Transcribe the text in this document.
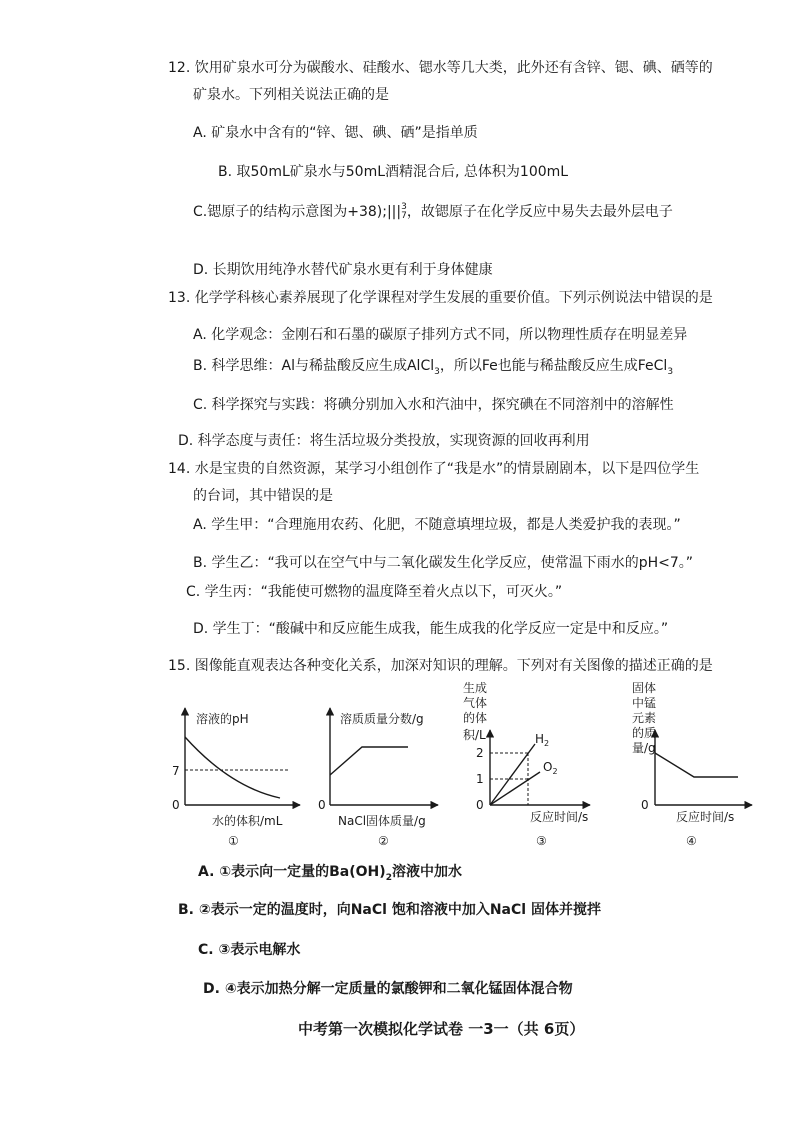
12. 饮用矿泉水可分为碳酸水、硅酸水、锶水等几大类，此外还有含锌、锶、碘、硒等的
矿泉水。下列相关说法正确的是
A. 矿泉水中含有的“锌、锶、碘、硒”是指单质
B. 取50mL矿泉水与50mL酒精混合后, 总体积为100mL
C.锶原子的结构示意图为+38);|||3
7，故锶原子在化学反应中易失去最外层电子
D. 长期饮用纯净水替代矿泉水更有利于身体健康
13. 化学学科核心素养展现了化学课程对学生发展的重要价值。下列示例说法中错误的是
A. 化学观念：金刚石和石墨的碳原子排列方式不同，所以物理性质存在明显差异
B. 科学思维：Al与稀盐酸反应生成AlCl$_3$，所以Fe也能与稀盐酸反应生成FeCl$_3$
C. 科学探究与实践：将碘分别加入水和汽油中，探究碘在不同溶剂中的溶解性
D. 科学态度与责任：将生活垃圾分类投放，实现资源的回收再利用
14. 水是宝贵的自然资源，某学习小组创作了“我是水”的情景剧剧本，以下是四位学生
的台词，其中错误的是
A. 学生甲：“合理施用农药、化肥，不随意填埋垃圾，都是人类爱护我的表现。”
B. 学生乙：“我可以在空气中与二氧化碳发生化学反应，使常温下雨水的pH<7。”
C. 学生丙：“我能使可燃物的温度降至着火点以下，可灭火。”
D. 学生丁：“酸碱中和反应能生成我，能生成我的化学反应一定是中和反应。”
15. 图像能直观表达各种变化关系，加深对知识的理解。下列对有关图像的描述正确的是
溶液的pH
7
0
水的体积/mL
①
溶质质量分数/g
0
NaCl固体质量/g
②
生成
气体
的体
积/L
2
1
$H_2$
$O_2$
0
反应时间/s
③
固体
中锰
元素
的质
量/g
0
反应时间/s
④
A. ①表示向一定量的$Ba(OH)_2$溶液中加水
B. ②表示一定的温度时，向NaCl 饱和溶液中加入NaCl 固体并搅拌
C. ③表示电解水
D. ④表示加热分解一定质量的氯酸钾和二氧化锰固体混合物
中考第一次模拟化学试卷 一3一（共 6页）
